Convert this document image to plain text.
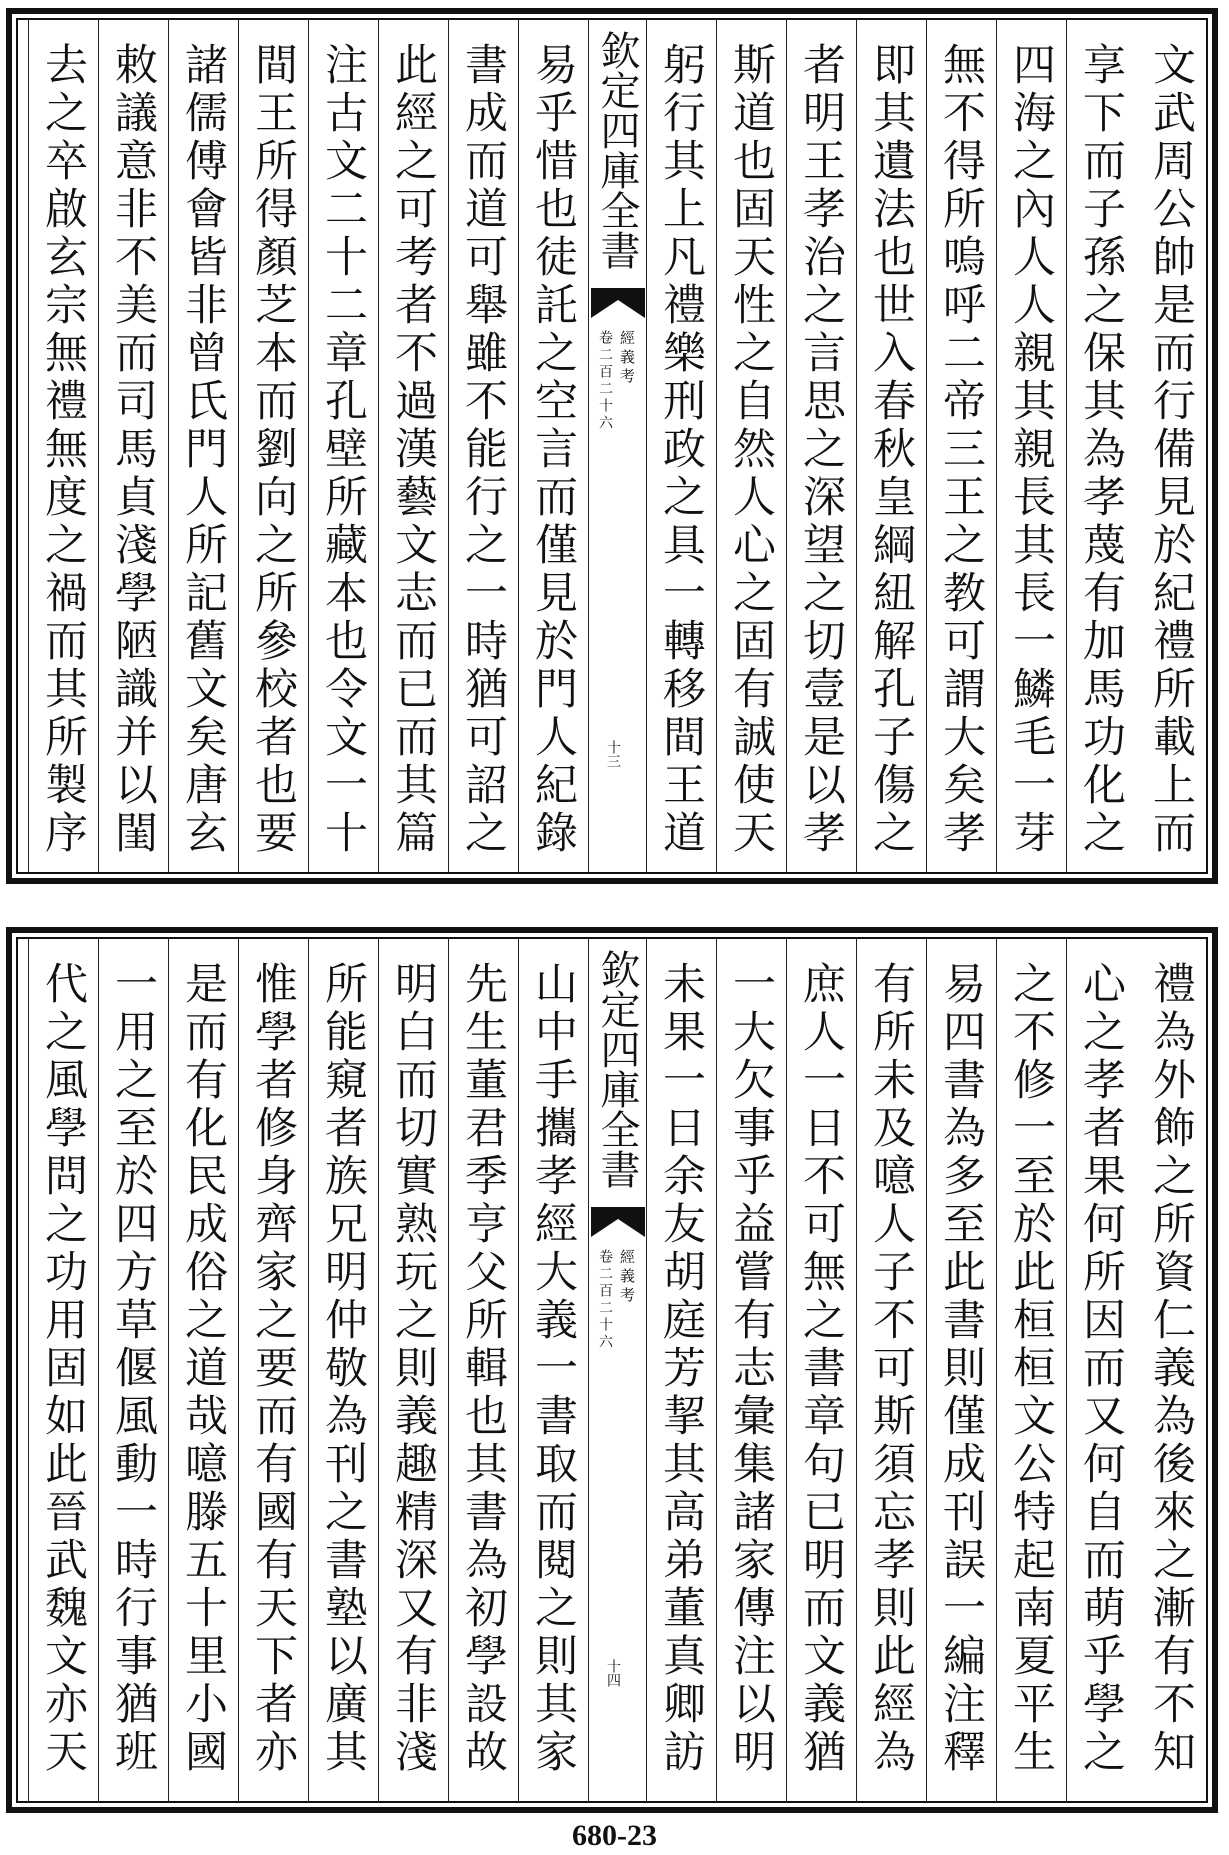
文武周公帥是而行備見於紀禮所載上而
享下而子孫之保其為孝蔑有加馬功化之
四海之內人人親其親長其長一鱗毛一芽
無不得所嗚呼二帝三王之教可謂大矣孝
即其遺法也世入春秋皇綱紐解孔子傷之
者明王孝治之言思之深望之切壹是以孝
斯道也固天性之自然人心之固有誠使天
躬行其上凡禮樂刑政之具一轉移間王道
欽定四庫全書
經義考
卷二百二十六
十三
易乎惜也徒託之空言而僅見於門人紀錄
書成而道可舉雖不能行之一時猶可詔之
此經之可考者不過漢藝文志而已而其篇
注古文二十二章孔壁所藏本也令文一十
間王所得顏芝本而劉向之所參校者也要
諸儒傅會皆非曾氏門人所記舊文矣唐玄
敕議意非不美而司馬貞淺學陋識并以閨
去之卒啟玄宗無禮無度之禍而其所製序
禮為外飾之所資仁義為後來之漸有不知
心之孝者果何所因而又何自而萌乎學之
之不修一至於此桓桓文公特起南夏平生
易四書為多至此書則僅成刊誤一編注釋
有所未及噫人子不可斯須忘孝則此經為
庶人一日不可無之書章句已明而文義猶
一大欠事乎益嘗有志彙集諸家傳注以明
未果一日余友胡庭芳挈其高弟董真卿訪
欽定四庫全書
經義考
卷二百二十六
十四
山中手攜孝經大義一書取而閱之則其家
先生董君季亨父所輯也其書為初學設故
明白而切實熟玩之則義趣精深又有非淺
所能窺者族兄明仲敬為刊之書塾以廣其
惟學者修身齊家之要而有國有天下者亦
是而有化民成俗之道哉噫滕五十里小國
一用之至於四方草偃風動一時行事猶班
代之風學問之功用固如此晉武魏文亦天
680-23
